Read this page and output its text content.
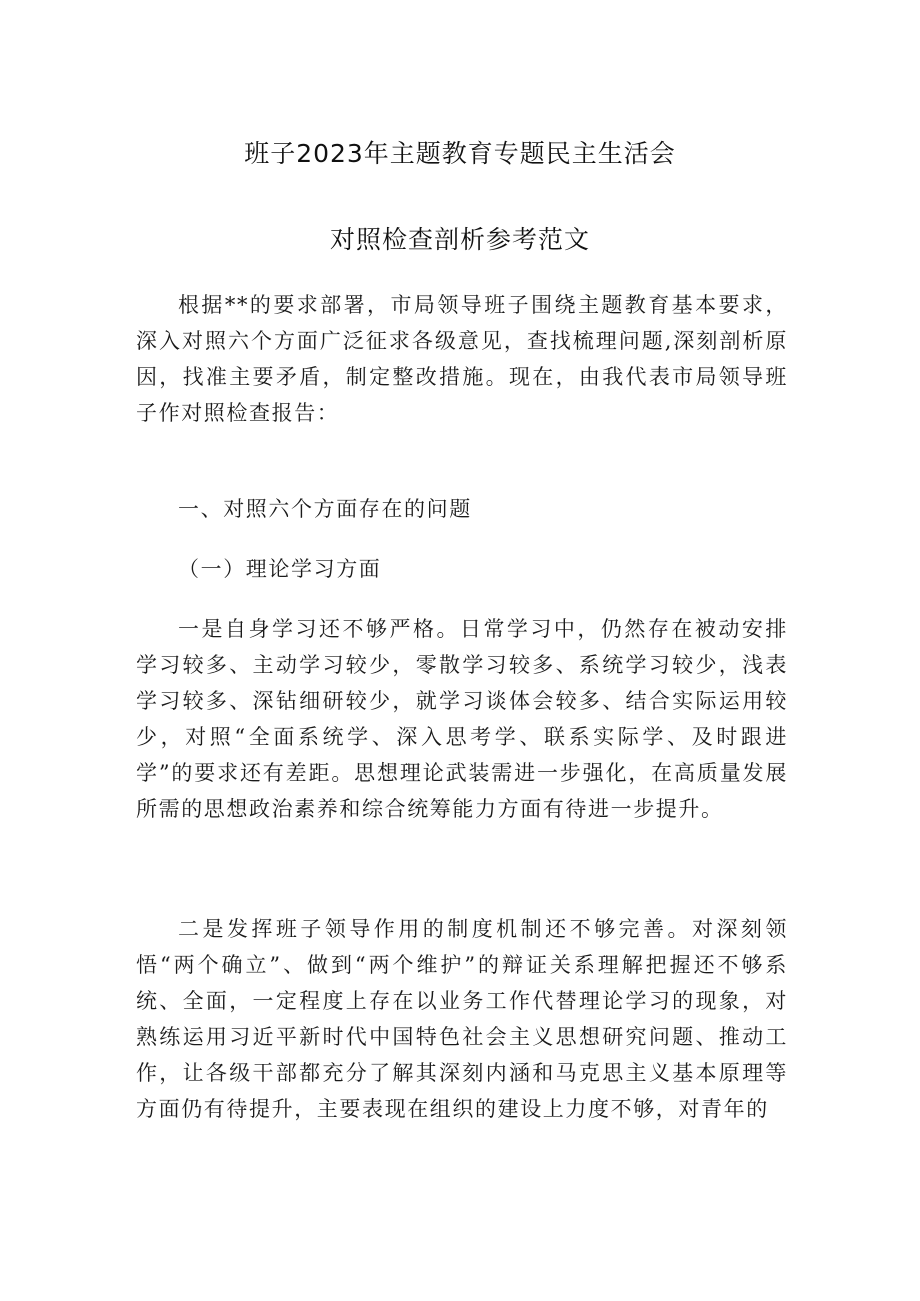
班子2023年主题教育专题民主生活会
对照检查剖析参考范文

根据**的要求部署，市局领导班子围绕主题教育基本要求，深入对照六个方面广泛征求各级意见，查找梳理问题,深刻剖析原因，找准主要矛盾，制定整改措施。现在，由我代表市局领导班子作对照检查报告：

一、对照六个方面存在的问题

（一）理论学习方面

一是自身学习还不够严格。日常学习中，仍然存在被动安排学习较多、主动学习较少，零散学习较多、系统学习较少，浅表学习较多、深钻细研较少，就学习谈体会较多、结合实际运用较少，对照“全面系统学、深入思考学、联系实际学、及时跟进学”的要求还有差距。思想理论武装需进一步强化，在高质量发展所需的思想政治素养和综合统筹能力方面有待进一步提升。

二是发挥班子领导作用的制度机制还不够完善。对深刻领悟“两个确立”、做到“两个维护”的辩证关系理解把握还不够系统、全面，一定程度上存在以业务工作代替理论学习的现象，对熟练运用习近平新时代中国特色社会主义思想研究问题、推动工作，让各级干部都充分了解其深刻内涵和马克思主义基本原理等方面仍有待提升，主要表现在组织的建设上力度不够，对青年的
